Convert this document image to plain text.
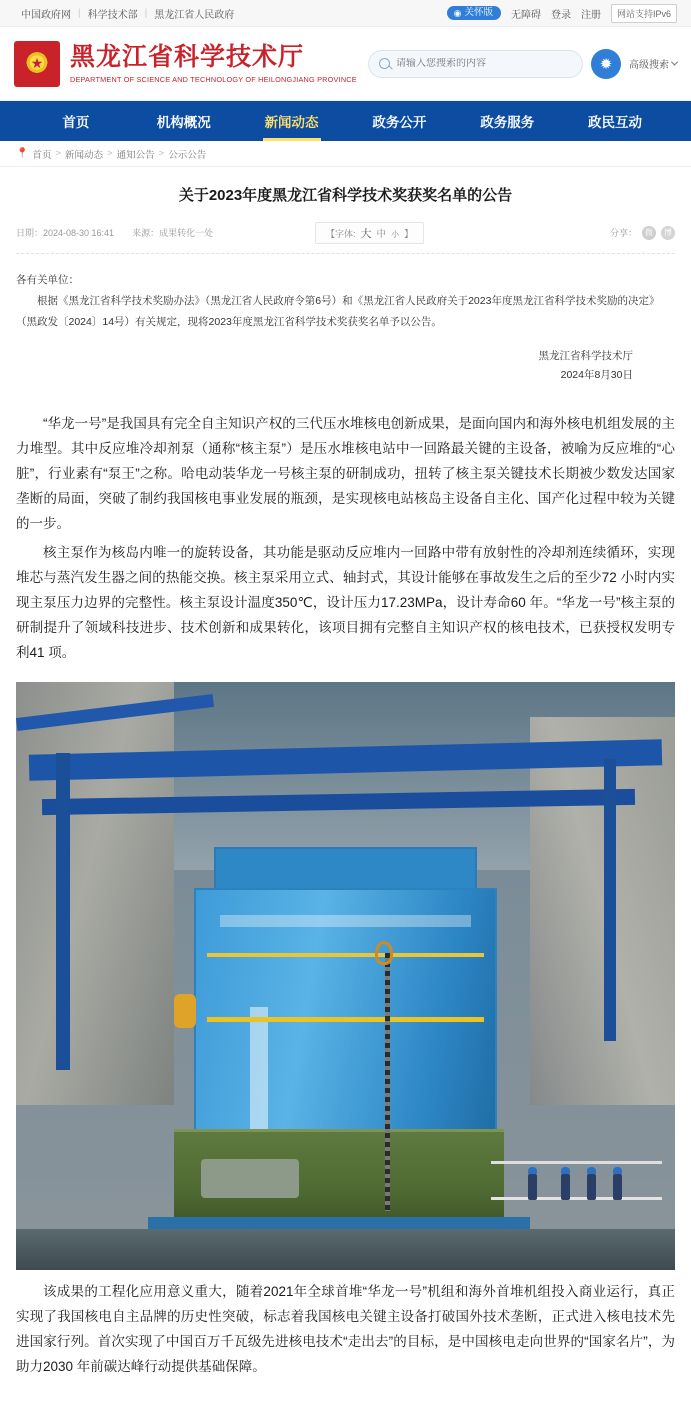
中国政府网 | 科学技术部 | 黑龙江省人民政府	◉ 关怀版 无障碍 登录 注册	网站支持IPv6
★
黑龙江省科学技术厅
DEPARTMENT OF SCIENCE AND TECHNOLOGY OF HEILONGJIANG PROVINCE
请输入您搜索的内容
✹	高级搜索
首页	机构概况	新闻动态	政务公开	政务服务	政民互动
📍 首页 > 新闻动态 > 通知公告 > 公示公告
关于2023年度黑龙江省科学技术奖获奖名单的公告
日期：2024-08-30 16:41 来源：成果转化一处	【字体: 大 中 小 】	分享：	微	博

各有关单位：

根据《黑龙江省科学技术奖励办法》（黑龙江省人民政府令第6号）和《黑龙江省人民政府关于2023年度黑龙江省科学技术奖励的决定》（黑政发〔2024〕14号）有关规定，现将2023年度黑龙江省科学技术奖获奖名单予以公告。

黑龙江省科学技术厅
2024年8月30日

“华龙一号”是我国具有完全自主知识产权的三代压水堆核电创新成果，是面向国内和海外核电机组发展的主力堆型。其中反应堆冷却剂泵（通称“核主泵”）是压水堆核电站中一回路最关键的主设备，被喻为反应堆的“心脏”，行业素有“泵王”之称。哈电动装华龙一号核主泵的研制成功，扭转了核主泵关键技术长期被少数发达国家垄断的局面，突破了制约我国核电事业发展的瓶颈，是实现核电站核岛主设备自主化、国产化过程中较为关键的一步。

核主泵作为核岛内唯一的旋转设备，其功能是驱动反应堆内一回路中带有放射性的冷却剂连续循环，实现堆芯与蒸汽发生器之间的热能交换。核主泵采用立式、轴封式，其设计能够在事故发生之后的至少72 小时内实现主泵压力边界的完整性。核主泵设计温度350℃，设计压力17.23MPa，设计寿命60 年。“华龙一号”核主泵的研制提升了领域科技进步、技术创新和成果转化，该项目拥有完整自主知识产权的核电技术，已获授权发明专利41 项。

该成果的工程化应用意义重大，随着2021年全球首堆“华龙一号”机组和海外首堆机组投入商业运行，真正实现了我国核电自主品牌的历史性突破，标志着我国核电关键主设备打破国外技术垄断，正式进入核电技术先进国家行列。首次实现了中国百万千瓦级先进核电技术“走出去”的目标，是中国核电走向世界的“国家名片”，为助力2030 年前碳达峰行动提供基础保障。
